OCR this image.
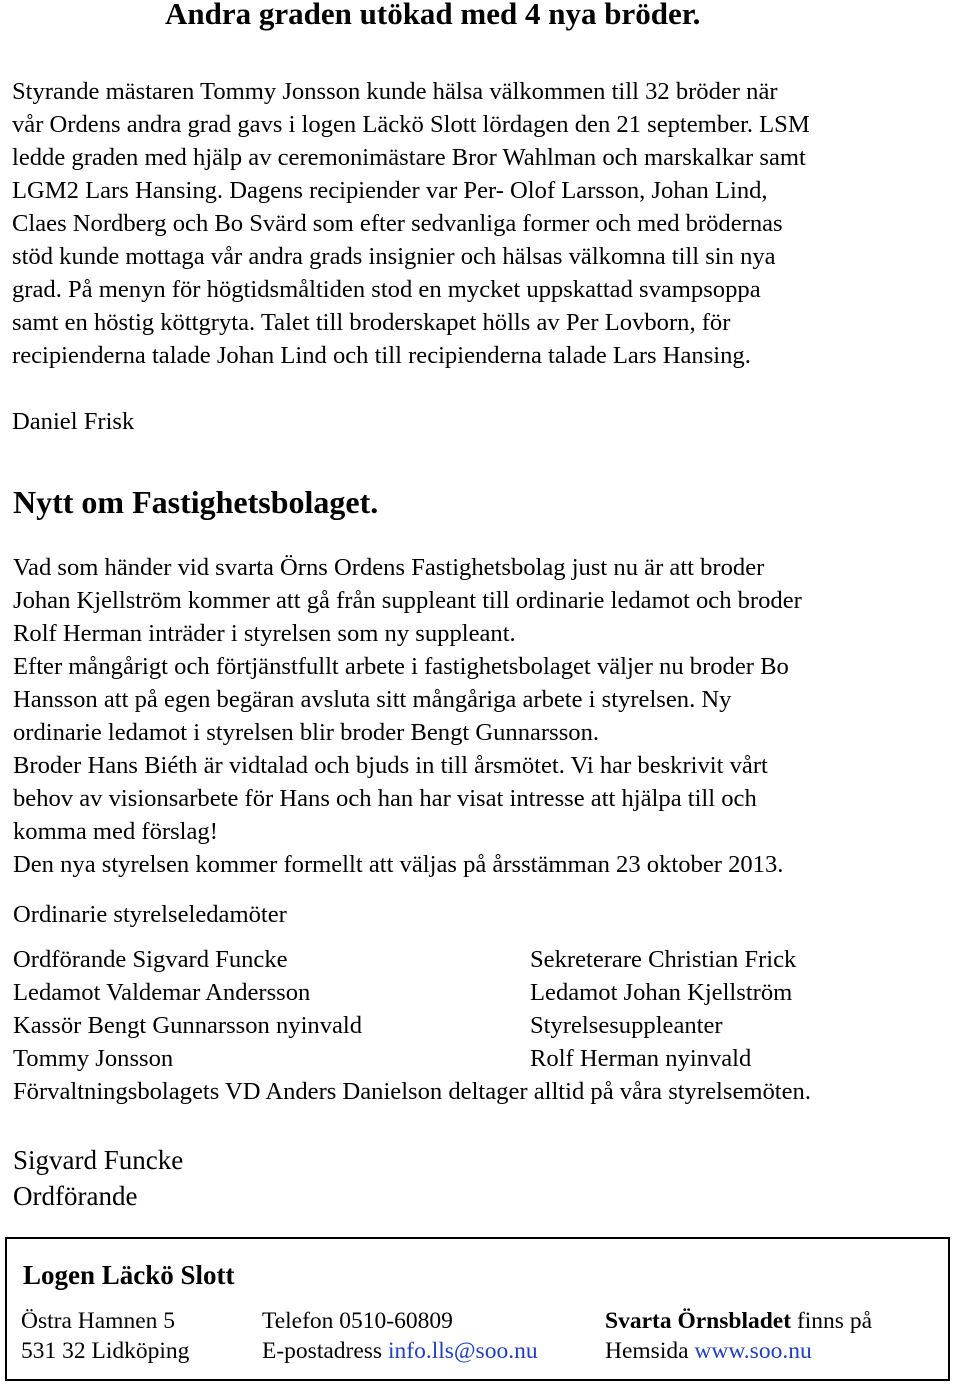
Andra graden utökad med 4 nya bröder.

Styrande mästaren Tommy Jonsson kunde hälsa välkommen till 32 bröder när
vår Ordens andra grad gavs i logen Läckö Slott lördagen den 21 september. LSM
ledde graden med hjälp av ceremonimästare Bror Wahlman och marskalkar samt
LGM2 Lars Hansing. Dagens recipiender var Per- Olof Larsson, Johan Lind,
Claes Nordberg och Bo Svärd som efter sedvanliga former och med brödernas
stöd kunde mottaga vår andra grads insignier och hälsas välkomna till sin nya
grad. På menyn för högtidsmåltiden stod en mycket uppskattad svampsoppa
samt en höstig köttgryta. Talet till broderskapet hölls av Per Lovborn, för
recipienderna talade Johan Lind och till recipienderna talade Lars Hansing.

Daniel Frisk

Nytt om Fastighetsbolaget.

Vad som händer vid svarta Örns Ordens Fastighetsbolag just nu är att broder
Johan Kjellström kommer att gå från suppleant till ordinarie ledamot och broder
Rolf Herman inträder i styrelsen som ny suppleant.
Efter mångårigt och förtjänstfullt arbete i fastighetsbolaget väljer nu broder Bo
Hansson att på egen begäran avsluta sitt mångåriga arbete i styrelsen. Ny
ordinarie ledamot i styrelsen blir broder Bengt Gunnarsson.
Broder Hans Biéth är vidtalad och bjuds in till årsmötet. Vi har beskrivit vårt
behov av visionsarbete för Hans och han har visat intresse att hjälpa till och
komma med förslag!
Den nya styrelsen kommer formellt att väljas på årsstämman 23 oktober 2013.

Ordinarie styrelseledamöter

Ordförande Sigvard Funcke	Sekreterare Christian Frick
Ledamot Valdemar Andersson	Ledamot Johan Kjellström
Kassör Bengt Gunnarsson nyinvald	Styrelsesuppleanter
Tommy Jonsson	Rolf Herman nyinvald
Förvaltningsbolagets VD Anders Danielson deltager alltid på våra styrelsemöten.
Sigvard Funcke
Ordförande
Logen Läckö Slott
Östra Hamnen 5	Telefon 0510-60809	Svarta Örnsbladet finns på
531 32 Lidköping	E-postadress info.lls@soo.nu	Hemsida www.soo.nu
